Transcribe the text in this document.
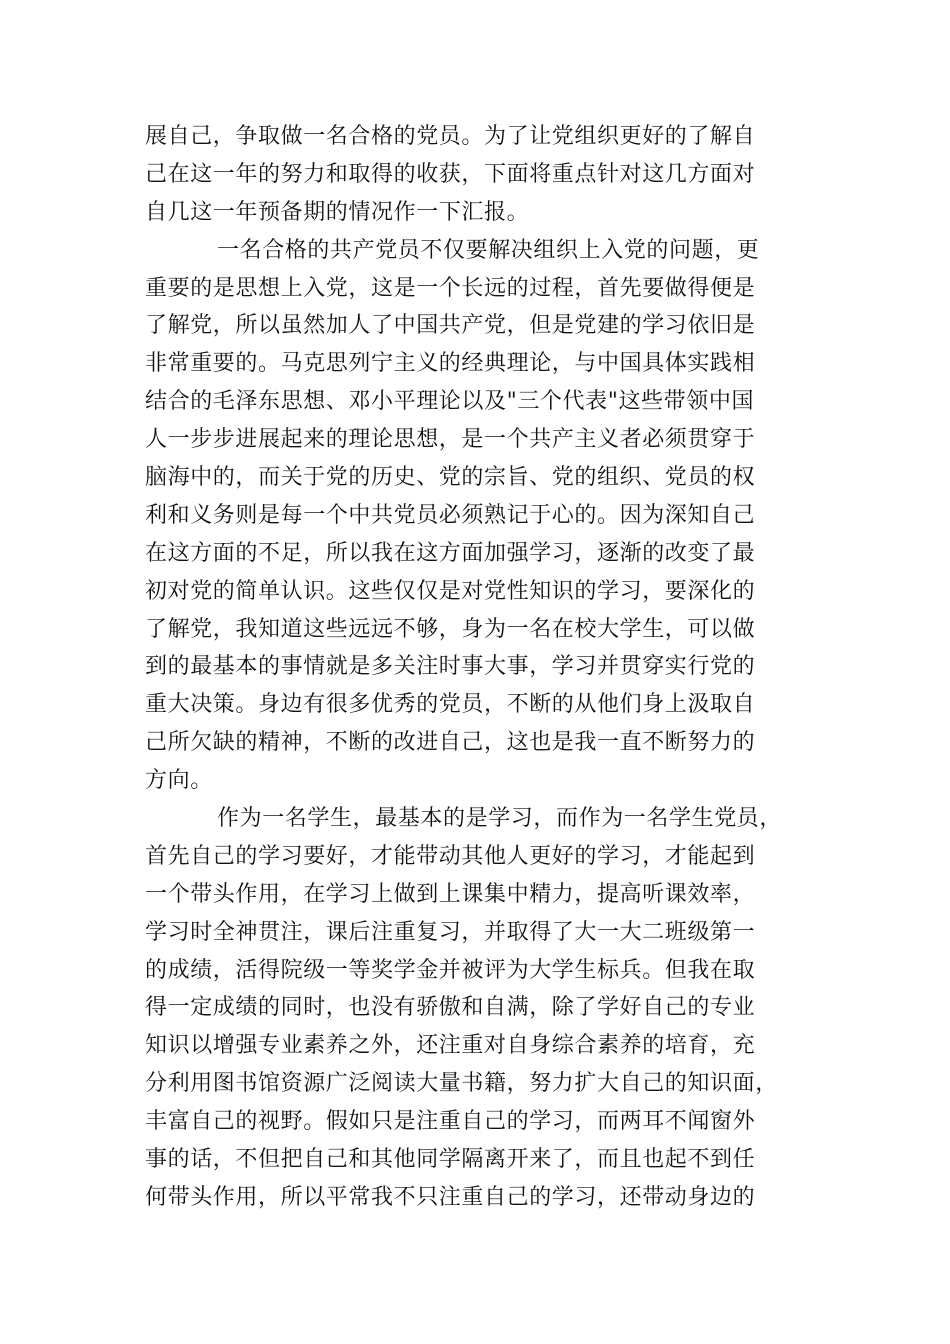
展自己，争取做一名合格的党员。为了让党组织更好的了解自
己在这一年的努力和取得的收获，下面将重点针对这几方面对
自几这一年预备期的情况作一下汇报。
一名合格的共产党员不仅要解决组织上入党的问题，更
重要的是思想上入党，这是一个长远的过程，首先要做得便是
了解党，所以虽然加人了中国共产党，但是党建的学习依旧是
非常重要的。马克思列宁主义的经典理论，与中国具体实践相
结合的毛泽东思想、邓小平理论以及"三个代表"这些带领中国
人一步步进展起来的理论思想，是一个共产主义者必须贯穿于
脑海中的，而关于党的历史、党的宗旨、党的组织、党员的权
利和义务则是每一个中共党员必须熟记于心的。因为深知自己
在这方面的不足，所以我在这方面加强学习，逐渐的改变了最
初对党的简单认识。这些仅仅是对党性知识的学习，要深化的
了解党，我知道这些远远不够，身为一名在校大学生，可以做
到的最基本的事情就是多关注时事大事，学习并贯穿实行党的
重大决策。身边有很多优秀的党员，不断的从他们身上汲取自
己所欠缺的精神，不断的改进自己，这也是我一直不断努力的
方向。
作为一名学生，最基本的是学习，而作为一名学生党员，
首先自己的学习要好，才能带动其他人更好的学习，才能起到
一个带头作用，在学习上做到上课集中精力，提高听课效率，
学习时全神贯注，课后注重复习，并取得了大一大二班级第一
的成绩，活得院级一等奖学金并被评为大学生标兵。但我在取
得一定成绩的同时，也没有骄傲和自满，除了学好自己的专业
知识以增强专业素养之外，还注重对自身综合素养的培育，充
分利用图书馆资源广泛阅读大量书籍，努力扩大自己的知识面，
丰富自己的视野。假如只是注重自己的学习，而两耳不闻窗外
事的话，不但把自己和其他同学隔离开来了，而且也起不到任
何带头作用，所以平常我不只注重自己的学习，还带动身边的
